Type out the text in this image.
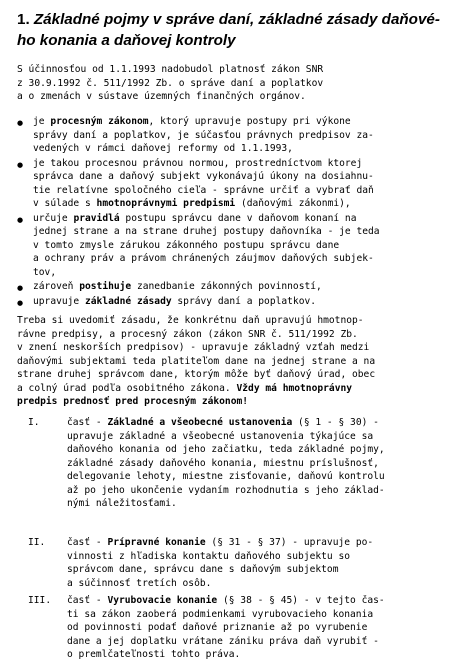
1. Základné pojmy v správe daní, základné zásady daňové-
ho konania a daňovej kontroly
S účinnosťou od 1.1.1993 nadobudol platnosť zákon SNR
z 30.9.1992 č. 511/1992 Zb. o správe daní a poplatkov
a o zmenách v sústave územných finančných orgánov.
● je procesným zákonom, ktorý upravuje postupy pri výkone
správy daní a poplatkov, je súčasťou právnych predpisov za-
vedených v rámci daňovej reformy od 1.1.1993,
● je takou procesnou právnou normou, prostredníctvom ktorej
správca dane a daňový subjekt vykonávajú úkony na dosiahnu-
tie relatívne spoločného cieľa - správne určiť a vybrať daň
v súlade s hmotnoprávnymi predpismi (daňovými zákonmi),
● určuje pravidlá postupu správcu dane v daňovom konaní na
jednej strane a na strane druhej postupy daňovníka - je teda
v tomto zmysle zárukou zákonného postupu správcu dane
a ochrany práv a právom chránených záujmov daňových subjek-
tov,
● zároveň postihuje zanedbanie zákonných povinností,
● upravuje základné zásady správy daní a poplatkov.
Treba si uvedomiť zásadu, že konkrétnu daň upravujú hmotnop-
rávne predpisy, a procesný zákon (zákon SNR č. 511/1992 Zb.
v znení neskorších predpisov) - upravuje základný vzťah medzi
daňovými subjektami teda platiteľom dane na jednej strane a na
strane druhej správcom dane, ktorým môže byť daňový úrad, obec
a colný úrad podľa osobitného zákona. Vždy má hmotnoprávny
predpis prednosť pred procesným zákonom!
I.	časť - Základné a všeobecné ustanovenia (§ 1 - § 30) -
upravuje základné a všeobecné ustanovenia týkajúce sa
daňového konania od jeho začiatku, teda základné pojmy,
základné zásady daňového konania, miestnu príslušnosť,
delegovanie lehoty, miestne zisťovanie, daňovú kontrolu
až po jeho ukončenie vydaním rozhodnutia s jeho základ-
nými náležitosťami.
II. časť - Prípravné konanie (§ 31 - § 37) - upravuje po-
vinnosti z hľadiska kontaktu daňového subjektu so
správcom dane, správcu dane s daňovým subjektom
a súčinnosť tretích osôb.
III. časť - Vyrubovacie konanie (§ 38 - § 45) - v tejto čas-
ti sa zákon zaoberá podmienkami vyrubovacieho konania
od povinnosti podať daňové priznanie až po vyrubenie
dane a jej doplatku vrátane zániku práva daň vyrubiť -
o premlčateľnosti tohto práva.
